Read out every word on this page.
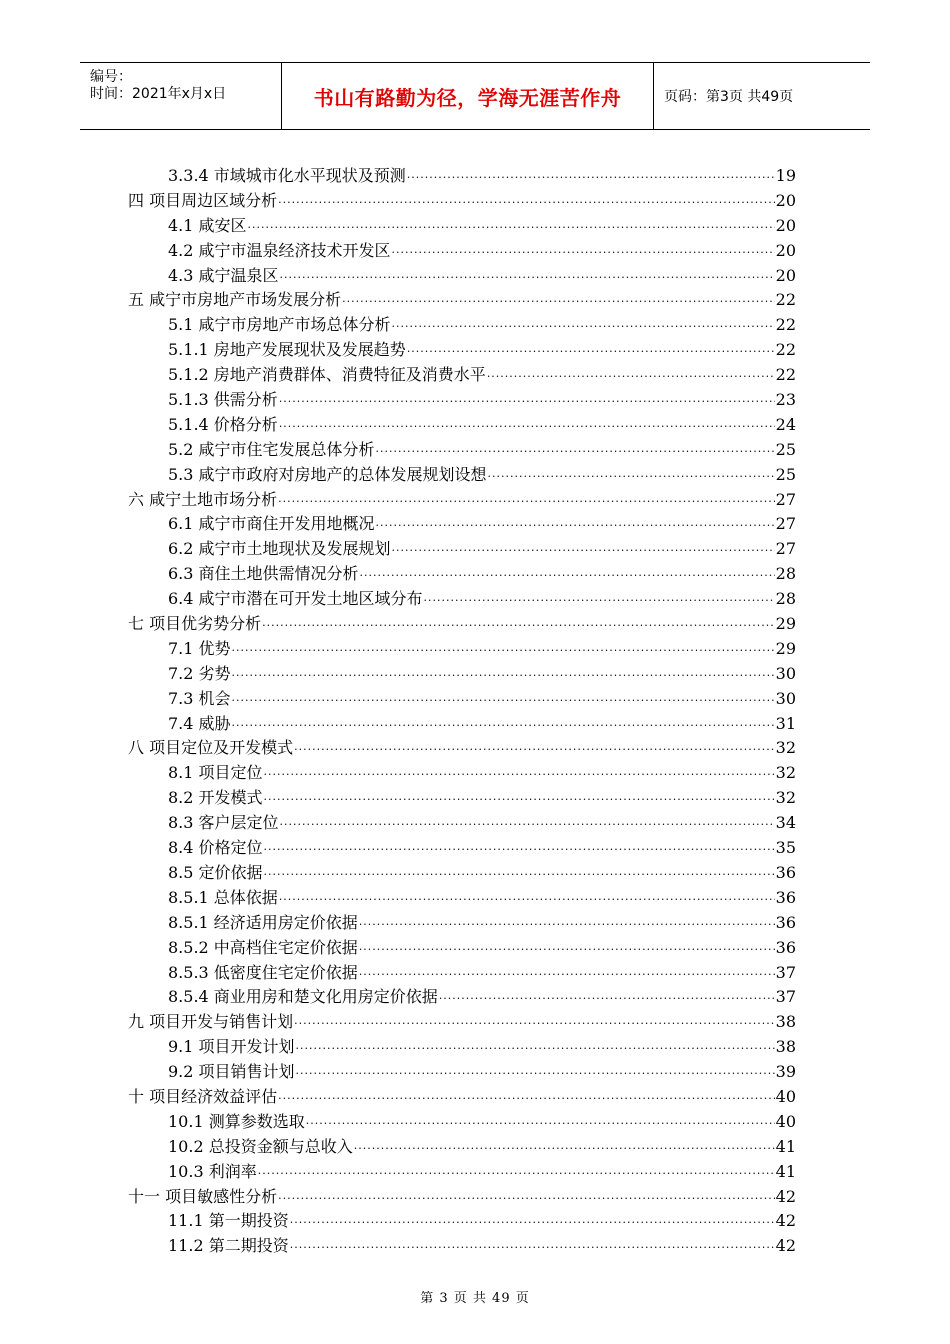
编号：
时间：2021年x月x日	书山有路勤为径，学海无涯苦作舟	页码：第3页 共49页
3.3.4 市域城市化水平现状及预测 ·····	19
四 项目周边区域分析 ·····	20
4.1 咸安区 ·····	20
4.2 咸宁市温泉经济技术开发区 ·····	20
4.3 咸宁温泉区 ·····	20
五 咸宁市房地产市场发展分析 ·····	22
5.1 咸宁市房地产市场总体分析 ·····	22
5.1.1 房地产发展现状及发展趋势 ·····	22
5.1.2 房地产消费群体、消费特征及消费水平 ·····	22
5.1.3 供需分析 ·····	23
5.1.4 价格分析 ·····	24
5.2 咸宁市住宅发展总体分析 ·····	25
5.3 咸宁市政府对房地产的总体发展规划设想 ·····	25
六 咸宁土地市场分析 ·····	27
6.1 咸宁市商住开发用地概况 ·····	27
6.2 咸宁市土地现状及发展规划 ·····	27
6.3 商住土地供需情况分析 ·····	28
6.4 咸宁市潜在可开发土地区域分布 ·····	28
七 项目优劣势分析 ·····	29
7.1 优势 ·····	29
7.2 劣势 ·····	30
7.3 机会 ·····	30
7.4 威胁 ·····	31
八 项目定位及开发模式 ·····	32
8.1 项目定位 ·····	32
8.2 开发模式 ·····	32
8.3 客户层定位 ·····	34
8.4 价格定位 ·····	35
8.5 定价依据 ·····	36
8.5.1 总体依据 ·····	36
8.5.1 经济适用房定价依据 ·····	36
8.5.2 中高档住宅定价依据 ·····	36
8.5.3 低密度住宅定价依据 ·····	37
8.5.4 商业用房和楚文化用房定价依据 ·····	37
九 项目开发与销售计划 ·····	38
9.1 项目开发计划 ·····	38
9.2 项目销售计划 ·····	39
十 项目经济效益评估 ·····	40
10.1 测算参数选取 ·····	40
10.2 总投资金额与总收入 ·····	41
10.3 利润率 ·····	41
十一 项目敏感性分析 ·····	42
11.1 第一期投资 ·····	42
11.2 第二期投资 ·····	42
第 3 页 共 49 页
